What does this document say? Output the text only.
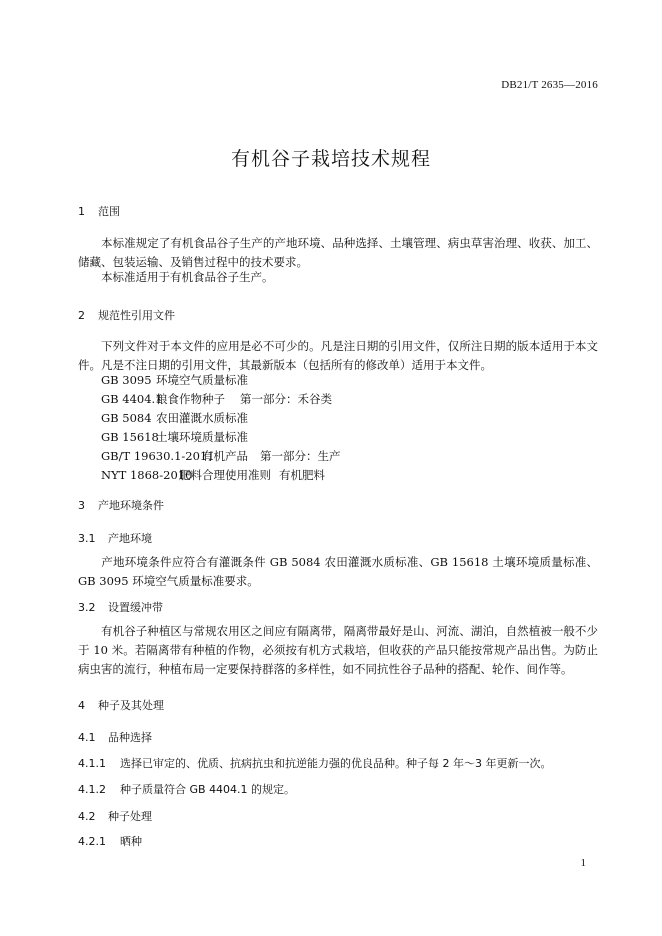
DB21/T 2635—2016
有机谷子栽培技术规程
1 范围
本标准规定了有机食品谷子生产的产地环境、品种选择、土壤管理、病虫草害治理、收获、加工、储藏、包装运输、及销售过程中的技术要求。
本标准适用于有机食品谷子生产。
2 规范性引用文件
下列文件对于本文件的应用是必不可少的。凡是注日期的引用文件，仅所注日期的版本适用于本文件。凡是不注日期的引用文件，其最新版本（包括所有的修改单）适用于本文件。
GB 3095 环境空气质量标准
GB 4404.1粮食作物种子 第一部分：禾谷类
GB 5084 农田灌溉水质标准
GB 15618土壤环境质量标准
GB/T 19630.1-2011有机产品 第一部分：生产
NYT 1868-2010肥料合理使用准则 有机肥料
3 产地环境条件
3.1 产地环境
产地环境条件应符合有灌溉条件 GB 5084 农田灌溉水质标准、GB 15618 土壤环境质量标准、GB 3095 环境空气质量标准要求。
3.2 设置缓冲带
有机谷子种植区与常规农用区之间应有隔离带，隔离带最好是山、河流、湖泊，自然植被一般不少于 10 米。若隔离带有种植的作物，必须按有机方式栽培，但收获的产品只能按常规产品出售。为防止病虫害的流行，种植布局一定要保持群落的多样性，如不同抗性谷子品种的搭配、轮作、间作等。
4 种子及其处理
4.1 品种选择
4.1.1 选择已审定的、优质、抗病抗虫和抗逆能力强的优良品种。种子每 2 年～3 年更新一次。
4.1.2 种子质量符合 GB 4404.1 的规定。
4.2 种子处理
4.2.1 晒种
1
